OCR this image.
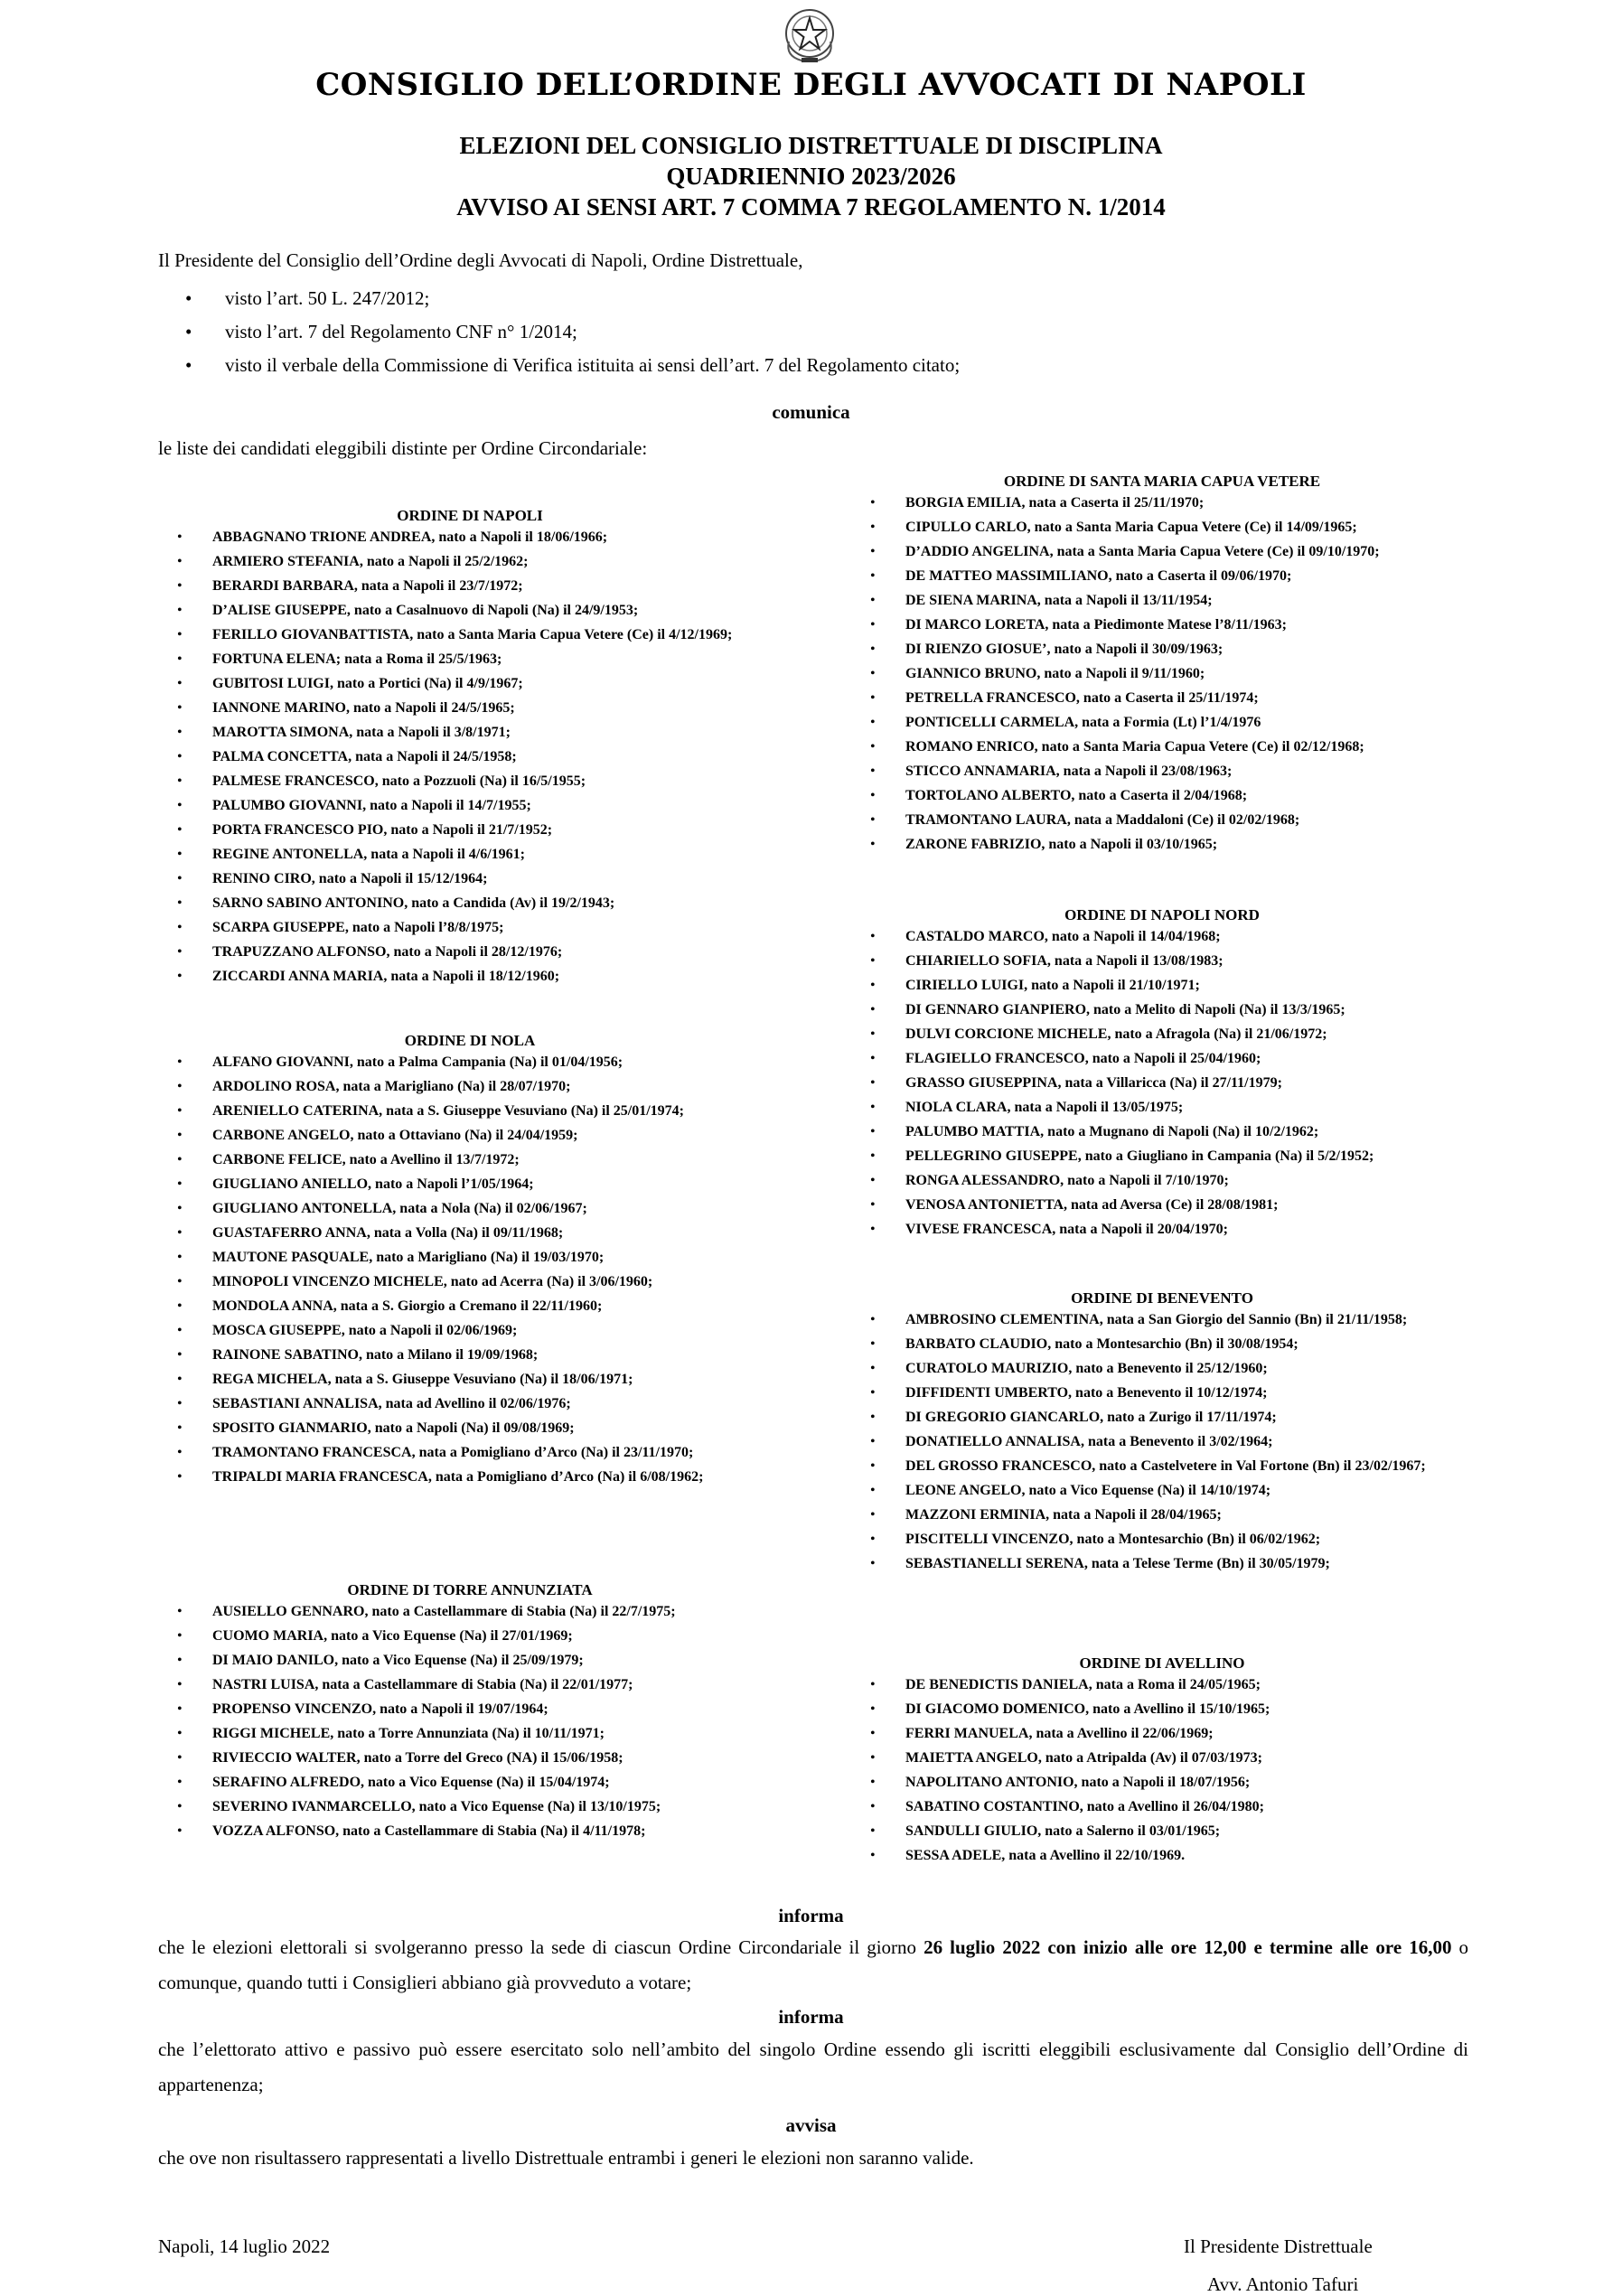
CONSIGLIO DELL’ORDINE DEGLI AVVOCATI DI NAPOLI
ELEZIONI DEL CONSIGLIO DISTRETTUALE DI DISCIPLINA
QUADRIENNIO 2023/2026
AVVISO AI SENSI ART. 7 COMMA 7 REGOLAMENTO N. 1/2014
Il Presidente del Consiglio dell’Ordine degli Avvocati di Napoli, Ordine Distrettuale,
• visto l’art. 50 L. 247/2012;
• visto l’art. 7 del Regolamento CNF n° 1/2014;
• visto il verbale della Commissione di Verifica istituita ai sensi dell’art. 7 del Regolamento citato;
comunica
le liste dei candidati eleggibili distinte per Ordine Circondariale:

ORDINE DI NAPOLI

• ABBAGNANO TRIONE ANDREA, nato a Napoli il 18/06/1966;
• ARMIERO STEFANIA, nato a Napoli il 25/2/1962;
• BERARDI BARBARA, nata a Napoli il 23/7/1972;
• D’ALISE GIUSEPPE, nato a Casalnuovo di Napoli (Na) il 24/9/1953;
• FERILLO GIOVANBATTISTA, nato a Santa Maria Capua Vetere (Ce) il 4/12/1969;
• FORTUNA ELENA; nata a Roma il 25/5/1963;
• GUBITOSI LUIGI, nato a Portici (Na) il 4/9/1967;
• IANNONE MARINO, nato a Napoli il 24/5/1965;
• MAROTTA SIMONA, nata a Napoli il 3/8/1971;
• PALMA CONCETTA, nata a Napoli il 24/5/1958;
• PALMESE FRANCESCO, nato a Pozzuoli (Na) il 16/5/1955;
• PALUMBO GIOVANNI, nato a Napoli il 14/7/1955;
• PORTA FRANCESCO PIO, nato a Napoli il 21/7/1952;
• REGINE ANTONELLA, nata a Napoli il 4/6/1961;
• RENINO CIRO, nato a Napoli il 15/12/1964;
• SARNO SABINO ANTONINO, nato a Candida (Av) il 19/2/1943;
• SCARPA GIUSEPPE, nato a Napoli l’8/8/1975;
• TRAPUZZANO ALFONSO, nato a Napoli il 28/12/1976;
• ZICCARDI ANNA MARIA, nata a Napoli il 18/12/1960;

ORDINE DI NOLA

• ALFANO GIOVANNI, nato a Palma Campania (Na) il 01/04/1956;
• ARDOLINO ROSA, nata a Marigliano (Na) il 28/07/1970;
• ARENIELLO CATERINA, nata a S. Giuseppe Vesuviano (Na) il 25/01/1974;
• CARBONE ANGELO, nato a Ottaviano (Na) il 24/04/1959;
• CARBONE FELICE, nato a Avellino il 13/7/1972;
• GIUGLIANO ANIELLO, nato a Napoli l’1/05/1964;
• GIUGLIANO ANTONELLA, nata a Nola (Na) il 02/06/1967;
• GUASTAFERRO ANNA, nata a Volla (Na) il 09/11/1968;
• MAUTONE PASQUALE, nato a Marigliano (Na) il 19/03/1970;
• MINOPOLI VINCENZO MICHELE, nato ad Acerra (Na) il 3/06/1960;
• MONDOLA ANNA, nata a S. Giorgio a Cremano il 22/11/1960;
• MOSCA GIUSEPPE, nato a Napoli il 02/06/1969;
• RAINONE SABATINO, nato a Milano il 19/09/1968;
• REGA MICHELA, nata a S. Giuseppe Vesuviano (Na) il 18/06/1971;
• SEBASTIANI ANNALISA, nata ad Avellino il 02/06/1976;
• SPOSITO GIANMARIO, nato a Napoli (Na) il 09/08/1969;
• TRAMONTANO FRANCESCA, nata a Pomigliano d’Arco (Na) il 23/11/1970;
• TRIPALDI MARIA FRANCESCA, nata a Pomigliano d’Arco (Na) il 6/08/1962;

ORDINE DI TORRE ANNUNZIATA

• AUSIELLO GENNARO, nato a Castellammare di Stabia (Na) il 22/7/1975;
• CUOMO MARIA, nato a Vico Equense (Na) il 27/01/1969;
• DI MAIO DANILO, nato a Vico Equense (Na) il 25/09/1979;
• NASTRI LUISA, nata a Castellammare di Stabia (Na) il 22/01/1977;
• PROPENSO VINCENZO, nato a Napoli il 19/07/1964;
• RIGGI MICHELE, nato a Torre Annunziata (Na) il 10/11/1971;
• RIVIECCIO WALTER, nato a Torre del Greco (NA) il 15/06/1958;
• SERAFINO ALFREDO, nato a Vico Equense (Na) il 15/04/1974;
• SEVERINO IVANMARCELLO, nato a Vico Equense (Na) il 13/10/1975;
• VOZZA ALFONSO, nato a Castellammare di Stabia (Na) il 4/11/1978;

ORDINE DI SANTA MARIA CAPUA VETERE

• BORGIA EMILIA, nata a Caserta il 25/11/1970;
• CIPULLO CARLO, nato a Santa Maria Capua Vetere (Ce) il 14/09/1965;
• D’ADDIO ANGELINA, nata a Santa Maria Capua Vetere (Ce) il 09/10/1970;
• DE MATTEO MASSIMILIANO, nato a Caserta il 09/06/1970;
• DE SIENA MARINA, nata a Napoli il 13/11/1954;
• DI MARCO LORETA, nata a Piedimonte Matese l’8/11/1963;
• DI RIENZO GIOSUE’, nato a Napoli il 30/09/1963;
• GIANNICO BRUNO, nato a Napoli il 9/11/1960;
• PETRELLA FRANCESCO, nato a Caserta il 25/11/1974;
• PONTICELLI CARMELA, nata a Formia (Lt) l’1/4/1976
• ROMANO ENRICO, nato a Santa Maria Capua Vetere (Ce) il 02/12/1968;
• STICCO ANNAMARIA, nata a Napoli il 23/08/1963;
• TORTOLANO ALBERTO, nato a Caserta il 2/04/1968;
• TRAMONTANO LAURA, nata a Maddaloni (Ce) il 02/02/1968;
• ZARONE FABRIZIO, nato a Napoli il 03/10/1965;

ORDINE DI NAPOLI NORD

• CASTALDO MARCO, nato a Napoli il 14/04/1968;
• CHIARIELLO SOFIA, nata a Napoli il 13/08/1983;
• CIRIELLO LUIGI, nato a Napoli il 21/10/1971;
• DI GENNARO GIANPIERO, nato a Melito di Napoli (Na) il 13/3/1965;
• DULVI CORCIONE MICHELE, nato a Afragola (Na) il 21/06/1972;
• FLAGIELLO FRANCESCO, nato a Napoli il 25/04/1960;
• GRASSO GIUSEPPINA, nata a Villaricca (Na) il 27/11/1979;
• NIOLA CLARA, nata a Napoli il 13/05/1975;
• PALUMBO MATTIA, nato a Mugnano di Napoli (Na) il 10/2/1962;
• PELLEGRINO GIUSEPPE, nato a Giugliano in Campania (Na) il 5/2/1952;
• RONGA ALESSANDRO, nato a Napoli il 7/10/1970;
• VENOSA ANTONIETTA, nata ad Aversa (Ce) il 28/08/1981;
• VIVESE FRANCESCA, nata a Napoli il 20/04/1970;

ORDINE DI BENEVENTO

• AMBROSINO CLEMENTINA, nata a San Giorgio del Sannio (Bn) il 21/11/1958;
• BARBATO CLAUDIO, nato a Montesarchio (Bn) il 30/08/1954;
• CURATOLO MAURIZIO, nato a Benevento il 25/12/1960;
• DIFFIDENTI UMBERTO, nato a Benevento il 10/12/1974;
• DI GREGORIO GIANCARLO, nato a Zurigo il 17/11/1974;
• DONATIELLO ANNALISA, nata a Benevento il 3/02/1964;
• DEL GROSSO FRANCESCO, nato a Castelvetere in Val Fortone (Bn) il 23/02/1967;
• LEONE ANGELO, nato a Vico Equense (Na) il 14/10/1974;
• MAZZONI ERMINIA, nata a Napoli il 28/04/1965;
• PISCITELLI VINCENZO, nato a Montesarchio (Bn) il 06/02/1962;
• SEBASTIANELLI SERENA, nata a Telese Terme (Bn) il 30/05/1979;

ORDINE DI AVELLINO

• DE BENEDICTIS DANIELA, nata a Roma il 24/05/1965;
• DI GIACOMO DOMENICO, nato a Avellino il 15/10/1965;
• FERRI MANUELA, nata a Avellino il 22/06/1969;
• MAIETTA ANGELO, nato a Atripalda (Av) il 07/03/1973;
• NAPOLITANO ANTONIO, nato a Napoli il 18/07/1956;
• SABATINO COSTANTINO, nato a Avellino il 26/04/1980;
• SANDULLI GIULIO, nato a Salerno il 03/01/1965;
• SESSA ADELE, nata a Avellino il 22/10/1969.
informa
che le elezioni elettorali si svolgeranno presso la sede di ciascun Ordine Circondariale il giorno 26 luglio 2022 con inizio alle ore 12,00 e termine alle ore 16,00 o comunque, quando tutti i Consiglieri abbiano già provveduto a votare;
informa
che l’elettorato attivo e passivo può essere esercitato solo nell’ambito del singolo Ordine essendo gli iscritti eleggibili esclusivamente dal Consiglio dell’Ordine di appartenenza;
avvisa
che ove non risultassero rappresentati a livello Distrettuale entrambi i generi le elezioni non saranno valide.
Napoli, 14 luglio 2022	Il Presidente Distrettuale
Avv. Antonio Tafuri
